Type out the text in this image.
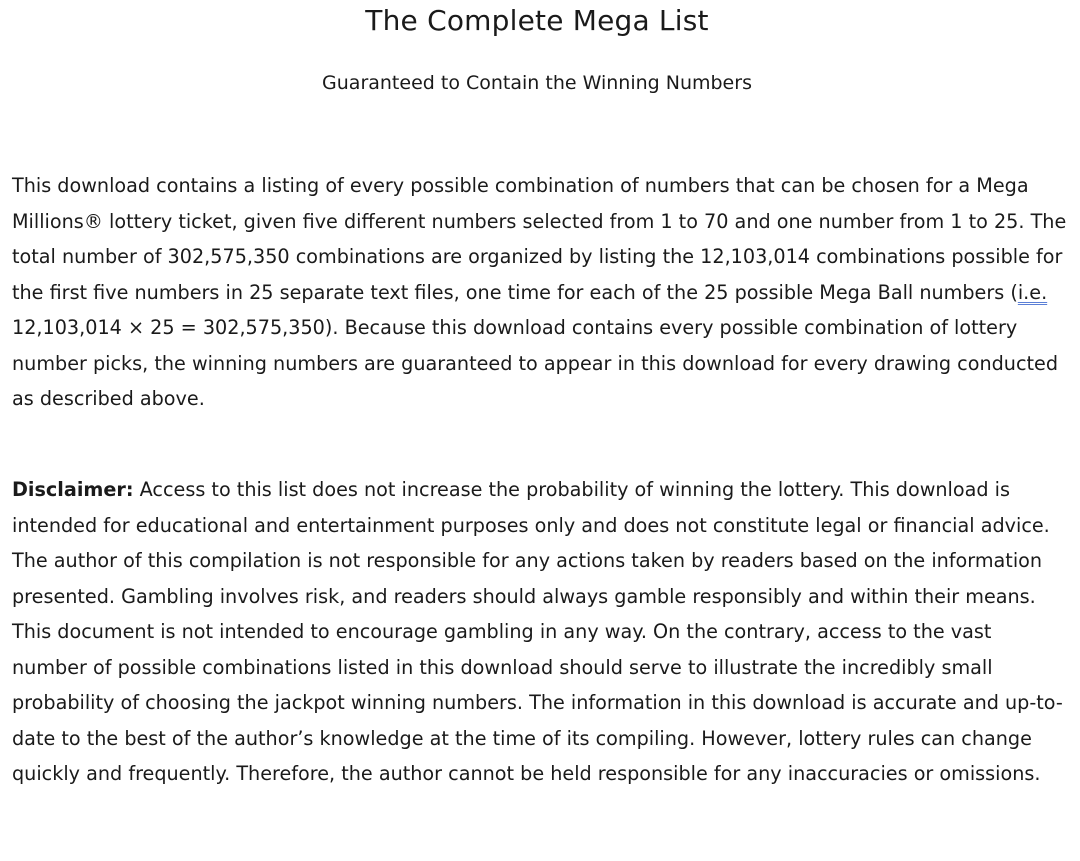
The Complete Mega List
Guaranteed to Contain the Winning Numbers

This download contains a listing of every possible combination of numbers that can be chosen for a Mega Millions® lottery ticket, given five different numbers selected from 1 to 70 and one number from 1 to 25. The total number of 302,575,350 combinations are organized by listing the 12,103,014 combinations possible for the first five numbers in 25 separate text files, one time for each of the 25 possible Mega Ball numbers (i.e. 12,103,014 × 25 = 302,575,350). Because this download contains every possible combination of lottery number picks, the winning numbers are guaranteed to appear in this download for every drawing conducted as described above.

Disclaimer: Access to this list does not increase the probability of winning the lottery. This download is intended for educational and entertainment purposes only and does not constitute legal or financial advice. The author of this compilation is not responsible for any actions taken by readers based on the information presented. Gambling involves risk, and readers should always gamble responsibly and within their means. This document is not intended to encourage gambling in any way. On the contrary, access to the vast number of possible combinations listed in this download should serve to illustrate the incredibly small probability of choosing the jackpot winning numbers. The information in this download is accurate and up-to-date to the best of the author’s knowledge at the time of its compiling. However, lottery rules can change quickly and frequently. Therefore, the author cannot be held responsible for any inaccuracies or omissions.
